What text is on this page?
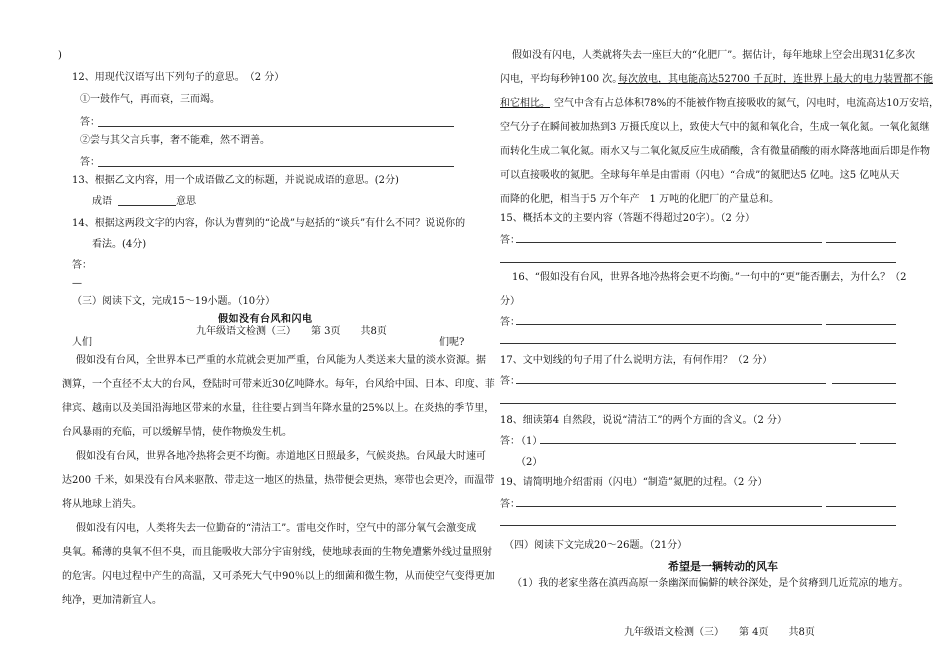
)
12、用现代汉语写出下列句子的意思。　（2 分）
①一鼓作气，再而衰，三而竭。
答：
②尝与其父言兵事，奢不能难，然不谓善。
答：
13、根据乙文内容，用一个成语做乙文的标题，并说说成语的意思。(2分)
成语	意思
14、根据这两段文字的内容，你认为曹刿的“论战”与赵括的“谈兵”有什么不同？说说你的
看法。(4分)
答：
—
（三）阅读下文，完成15～19小题。（10分）
假如没有台风和闪电
九年级语文检测（三）　　第 3页　　共8页
人们	们呢?
假如没有台风，全世界本已严重的水荒就会更加严重，台风能为人类送来大量的淡水资源。据
测算，一个直径不太大的台风，登陆时可带来近30亿吨降水。每年，台风给中国、日本、印度、菲
律宾、越南以及美国沿海地区带来的水量，往往要占到当年降水量的25%以上。在炎热的季节里，
台风暴雨的充临，可以缓解旱情，使作物焕发生机。
假如没有台风，世界各地冷热将会更不均衡。赤道地区日照最多，气候炎热。台风最大时速可
达200 千米，如果没有台风来驱散、带走这一地区的热量，热带便会更热，寒带也会更冷，而温带
将从地球上消失。
假如没有闪电，人类将失去一位勤奋的“清洁工”。雷电交作时，空气中的部分氧气会激变成
臭氧。稀薄的臭氧不但不臭，而且能吸收大部分宇宙射线，使地球表面的生物免遭紫外线过量照射
的危害。闪电过程中产生的高温，又可杀死大气中90％以上的细菌和微生物，从而使空气变得更加
纯净，更加清新宜人。
假如没有闪电，人类就将失去一座巨大的“化肥厂”。据估计，每年地球上空会出现31亿多次
闪电，平均每秒钟100 次。
每次放电，其电能高达52700 千瓦时，连世界上最大的电力装置都不能
和它相比。 空气中含有占总体积78%的不能被作物直接吸收的氮气，闪电时，电流高达10万安培，
空气分子在瞬间被加热到3 万摄氏度以上，致使大气中的氮和氧化合，生成一氧化氮。一氧化氮继
而转化生成二氧化氮。雨水又与二氧化氮反应生成硝酸，含有微量硝酸的雨水降落地面后即是作物
可以直接吸收的氮肥。全球每年单是由雷雨（闪电）“合成”的氮肥达5 亿吨。这5 亿吨从天
而降的化肥，相当于5 万个年产　1 万吨的化肥厂的产量总和。
15、概括本文的主要内容（答题不得超过20字）。（2 分）
答：
16、“假如没有台风，世界各地冷热将会更不均衡。”一句中的“更”能否删去，为什么？（2
分）
答：
17、文中划线的句子用了什么说明方法，有何作用？（2 分）
答：
18、细读第4 自然段，说说“清洁工”的两个方面的含义。（2 分）
答：
（1）
（2）
19、请简明地介绍雷雨（闪电）“制造”氮肥的过程。（2 分）
答：
（四）阅读下文完成20～26题。（21分）
希望是一辆转动的风车
（1）我的老家坐落在滇西高原一条幽深而偏僻的峡谷深处，是个贫瘠到几近荒凉的地方。
九年级语文检测（三）　　第 4页　　共8页
